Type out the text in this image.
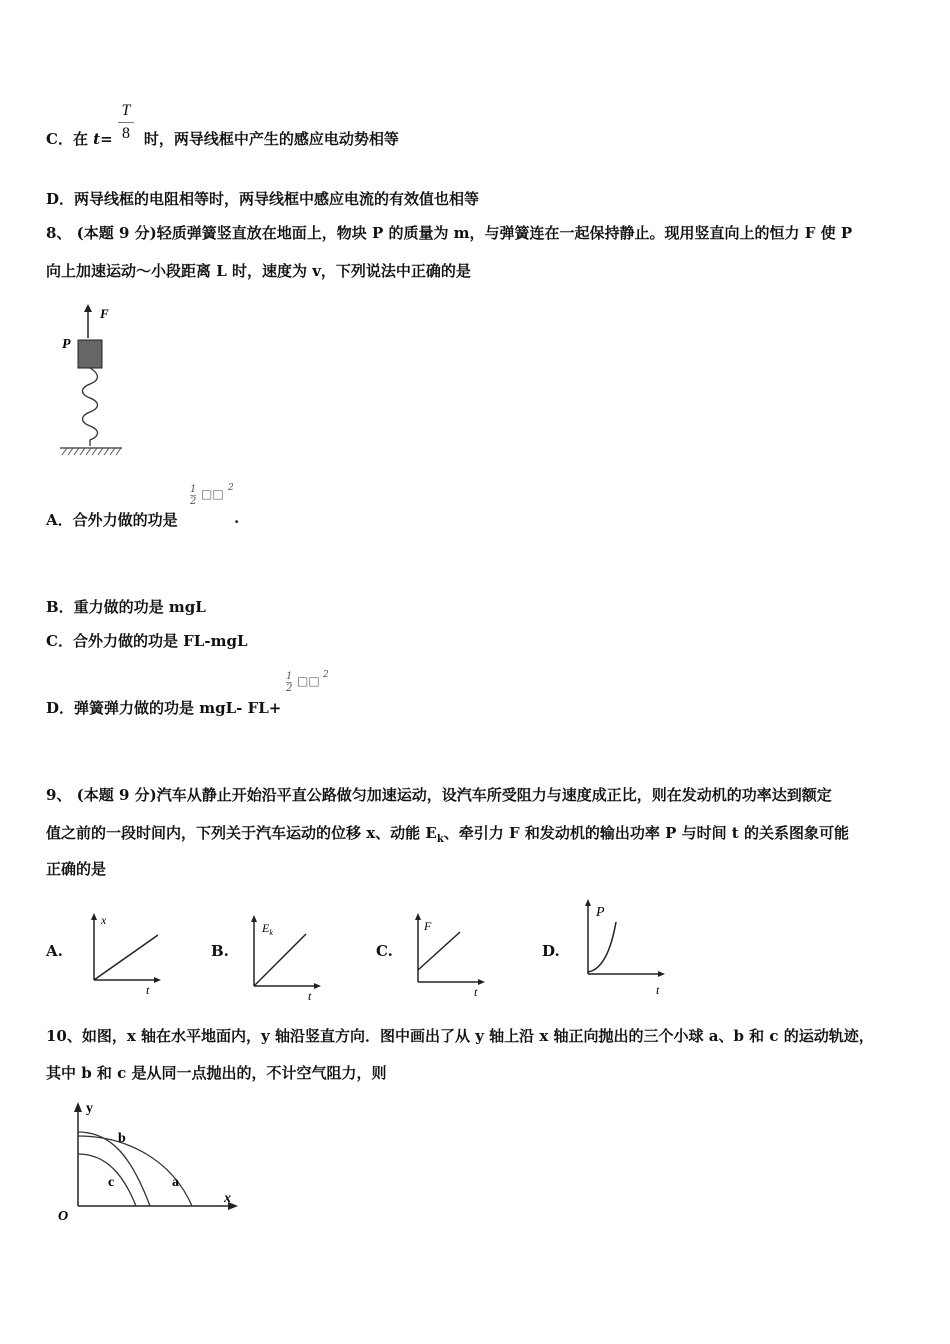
C．在 t= 时，两导线框中产生的感应电动势相等
T
8
D．两导线框的电阻相等时，两导线框中感应电流的有效值也相等
8、 (本题 9 分)轻质弹簧竖直放在地面上，物块 P 的质量为 m，与弹簧连在一起保持静止。现用竖直向上的恒力 F 使 P
向上加速运动～小段距离 L 时，速度为 v，下列说法中正确的是
F
P
A．合外力做的功是
1
2
□□ 2
.
B．重力做的功是 mgL
C．合外力做的功是 FL-mgL
D．弹簧弹力做的功是 mgL- FL+
1
2
□□ 2
9、 (本题 9 分)汽车从静止开始沿平直公路做匀加速运动，设汽车所受阻力与速度成正比，则在发动机的功率达到额定
值之前的一段时间内，下列关于汽车运动的位移 x、动能 $E_k$、牵引力 F 和发动机的输出功率 P 与时间 t 的关系图象可能
正确的是
A.
x
t
B.
$E_k$
t
C.
F
t
D.
P
t
10、如图，x 轴在水平地面内，y 轴沿竖直方向．图中画出了从 y 轴上沿 x 轴正向抛出的三个小球 a、b 和 c 的运动轨迹，
其中 b 和 c 是从同一点抛出的，不计空气阻力，则
y
x
O
b
c	a
